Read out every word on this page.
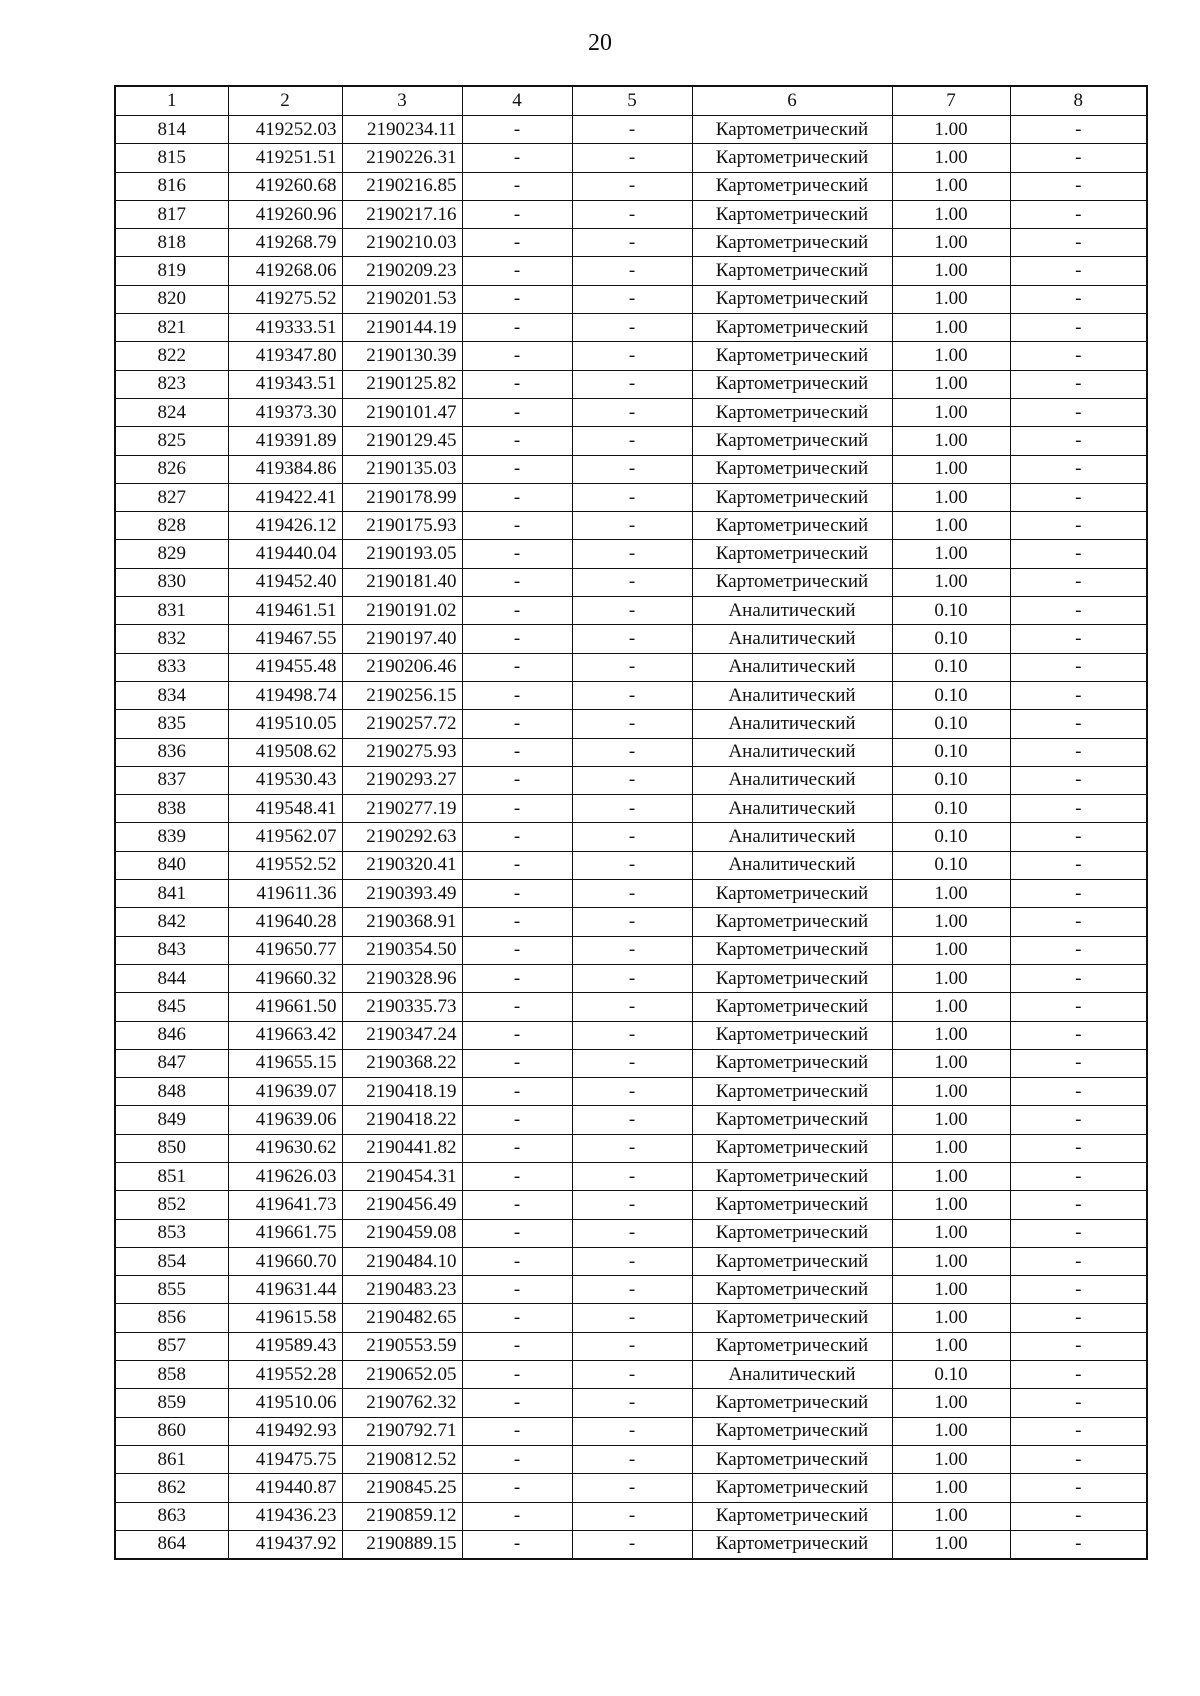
20
1	2	3	4	5	6	7	8
814	419252.03	2190234.11	-	-	Картометрический	1.00	-
815	419251.51	2190226.31	-	-	Картометрический	1.00	-
816	419260.68	2190216.85	-	-	Картометрический	1.00	-
817	419260.96	2190217.16	-	-	Картометрический	1.00	-
818	419268.79	2190210.03	-	-	Картометрический	1.00	-
819	419268.06	2190209.23	-	-	Картометрический	1.00	-
820	419275.52	2190201.53	-	-	Картометрический	1.00	-
821	419333.51	2190144.19	-	-	Картометрический	1.00	-
822	419347.80	2190130.39	-	-	Картометрический	1.00	-
823	419343.51	2190125.82	-	-	Картометрический	1.00	-
824	419373.30	2190101.47	-	-	Картометрический	1.00	-
825	419391.89	2190129.45	-	-	Картометрический	1.00	-
826	419384.86	2190135.03	-	-	Картометрический	1.00	-
827	419422.41	2190178.99	-	-	Картометрический	1.00	-
828	419426.12	2190175.93	-	-	Картометрический	1.00	-
829	419440.04	2190193.05	-	-	Картометрический	1.00	-
830	419452.40	2190181.40	-	-	Картометрический	1.00	-
831	419461.51	2190191.02	-	-	Аналитический	0.10	-
832	419467.55	2190197.40	-	-	Аналитический	0.10	-
833	419455.48	2190206.46	-	-	Аналитический	0.10	-
834	419498.74	2190256.15	-	-	Аналитический	0.10	-
835	419510.05	2190257.72	-	-	Аналитический	0.10	-
836	419508.62	2190275.93	-	-	Аналитический	0.10	-
837	419530.43	2190293.27	-	-	Аналитический	0.10	-
838	419548.41	2190277.19	-	-	Аналитический	0.10	-
839	419562.07	2190292.63	-	-	Аналитический	0.10	-
840	419552.52	2190320.41	-	-	Аналитический	0.10	-
841	419611.36	2190393.49	-	-	Картометрический	1.00	-
842	419640.28	2190368.91	-	-	Картометрический	1.00	-
843	419650.77	2190354.50	-	-	Картометрический	1.00	-
844	419660.32	2190328.96	-	-	Картометрический	1.00	-
845	419661.50	2190335.73	-	-	Картометрический	1.00	-
846	419663.42	2190347.24	-	-	Картометрический	1.00	-
847	419655.15	2190368.22	-	-	Картометрический	1.00	-
848	419639.07	2190418.19	-	-	Картометрический	1.00	-
849	419639.06	2190418.22	-	-	Картометрический	1.00	-
850	419630.62	2190441.82	-	-	Картометрический	1.00	-
851	419626.03	2190454.31	-	-	Картометрический	1.00	-
852	419641.73	2190456.49	-	-	Картометрический	1.00	-
853	419661.75	2190459.08	-	-	Картометрический	1.00	-
854	419660.70	2190484.10	-	-	Картометрический	1.00	-
855	419631.44	2190483.23	-	-	Картометрический	1.00	-
856	419615.58	2190482.65	-	-	Картометрический	1.00	-
857	419589.43	2190553.59	-	-	Картометрический	1.00	-
858	419552.28	2190652.05	-	-	Аналитический	0.10	-
859	419510.06	2190762.32	-	-	Картометрический	1.00	-
860	419492.93	2190792.71	-	-	Картометрический	1.00	-
861	419475.75	2190812.52	-	-	Картометрический	1.00	-
862	419440.87	2190845.25	-	-	Картометрический	1.00	-
863	419436.23	2190859.12	-	-	Картометрический	1.00	-
864	419437.92	2190889.15	-	-	Картометрический	1.00	-
